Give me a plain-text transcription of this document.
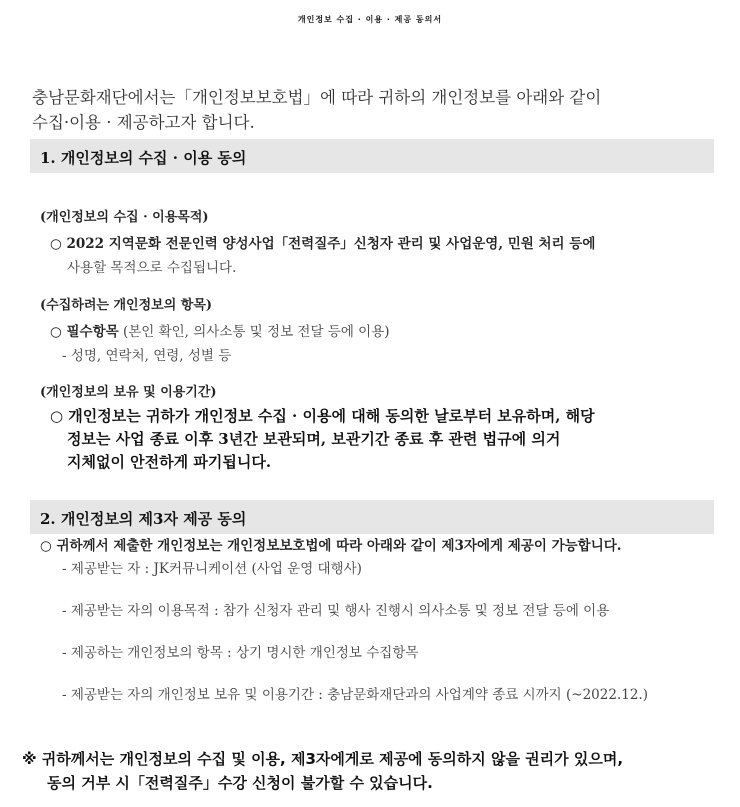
개인정보 수집 · 이용 · 제공 동의서
충남문화재단에서는「개인정보보호법」에 따라 귀하의 개인정보를 아래와 같이
수집·이용 · 제공하고자 합니다.
1. 개인정보의 수집 · 이용 동의
(개인정보의 수집 · 이용목적)
○ 2022 지역문화 전문인력 양성사업「전력질주」신청자 관리 및 사업운영, 민원 처리 등에
사용할 목적으로 수집됩니다.
(수집하려는 개인정보의 항목)
○ 필수항목 (본인 확인, 의사소통 및 정보 전달 등에 이용)
- 성명, 연락처, 연령, 성별 등
(개인정보의 보유 및 이용기간)
○ 개인정보는 귀하가 개인정보 수집 · 이용에 대해 동의한 날로부터 보유하며, 해당
정보는 사업 종료 이후 3년간 보관되며, 보관기간 종료 후 관련 법규에 의거
지체없이 안전하게 파기됩니다.
2. 개인정보의 제3자 제공 동의
○ 귀하께서 제출한 개인정보는 개인정보보호법에 따라 아래와 같이 제3자에게 제공이 가능합니다.
- 제공받는 자 : JK커뮤니케이션 (사업 운영 대행사)
- 제공받는 자의 이용목적 : 참가 신청자 관리 및 행사 진행시 의사소통 및 정보 전달 등에 이용
- 제공하는 개인정보의 항목 : 상기 명시한 개인정보 수집항목
- 제공받는 자의 개인정보 보유 및 이용기간 : 충남문화재단과의 사업계약 종료 시까지 (~2022.12.)
※ 귀하께서는 개인정보의 수집 및 이용, 제3자에게로 제공에 동의하지 않을 권리가 있으며,
동의 거부 시「전력질주」수강 신청이 불가할 수 있습니다.
